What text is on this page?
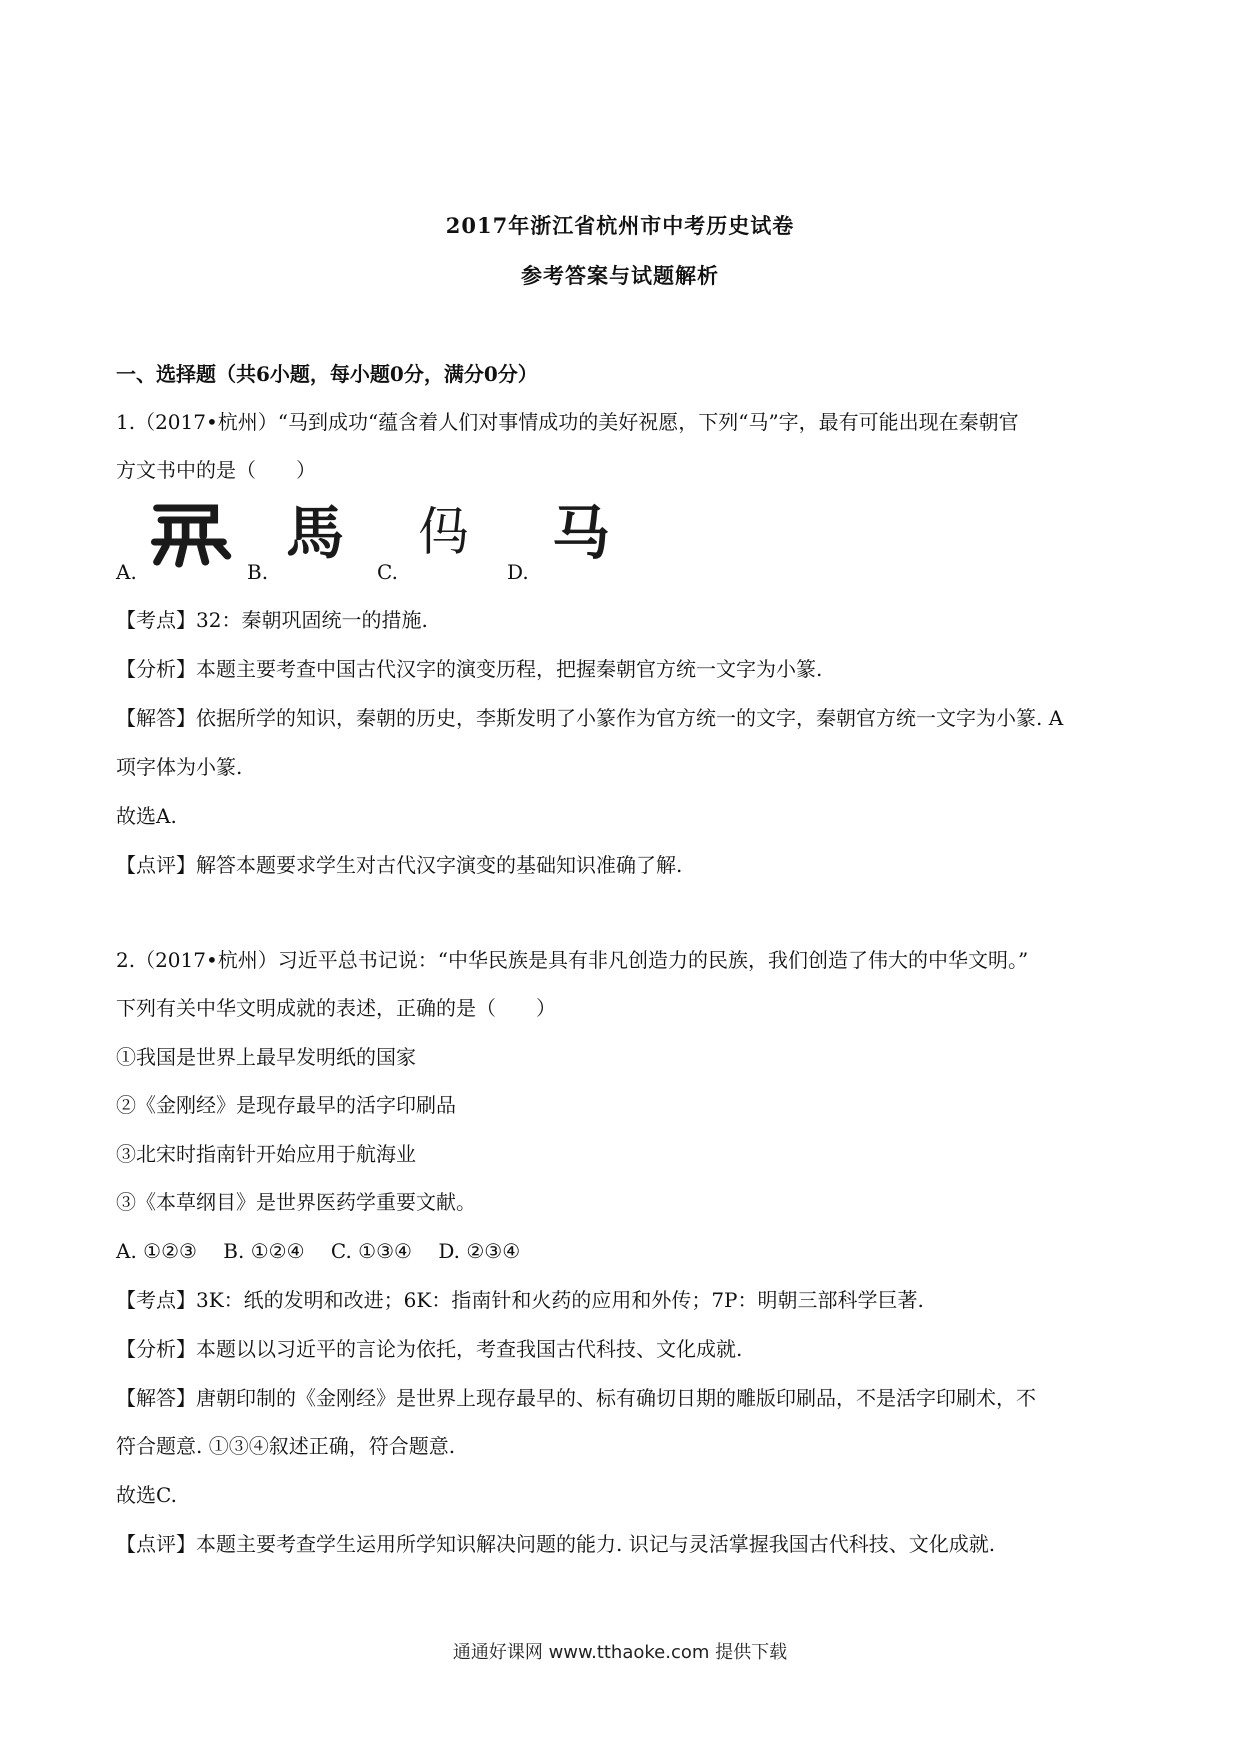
2017年浙江省杭州市中考历史试卷
参考答案与试题解析
一、选择题（共6小题，每小题0分，满分0分）
1.（2017•杭州）“马到成功“蕴含着人们对事情成功的美好祝愿，下列“马”字，最有可能出现在秦朝官
方文书中的是（　　）
馬 㐷 马
A.	B.	C.	D.
【考点】32：秦朝巩固统一的措施.
【分析】本题主要考查中国古代汉字的演变历程，把握秦朝官方统一文字为小篆.
【解答】依据所学的知识，秦朝的历史，李斯发明了小篆作为官方统一的文字，秦朝官方统一文字为小篆. A
项字体为小篆.
故选A.
【点评】解答本题要求学生对古代汉字演变的基础知识准确了解.
2.（2017•杭州）习近平总书记说：“中华民族是具有非凡创造力的民族，我们创造了伟大的中华文明。”
下列有关中华文明成就的表述，正确的是（　　）
①我国是世界上最早发明纸的国家
②《金刚经》是现存最早的活字印刷品
③北宋时指南针开始应用于航海业
③《本草纲目》是世界医药学重要文献。
A. ①②③　 B. ①②④　 C. ①③④　 D. ②③④
【考点】3K：纸的发明和改进；6K：指南针和火药的应用和外传；7P：明朝三部科学巨著.
【分析】本题以以习近平的言论为依托，考查我国古代科技、文化成就.
【解答】唐朝印制的《金刚经》是世界上现存最早的、标有确切日期的雕版印刷品，不是活字印刷术，不
符合题意. ①③④叙述正确，符合题意.
故选C.
【点评】本题主要考查学生运用所学知识解决问题的能力. 识记与灵活掌握我国古代科技、文化成就.
通通好课网 www.tthaoke.com 提供下载
